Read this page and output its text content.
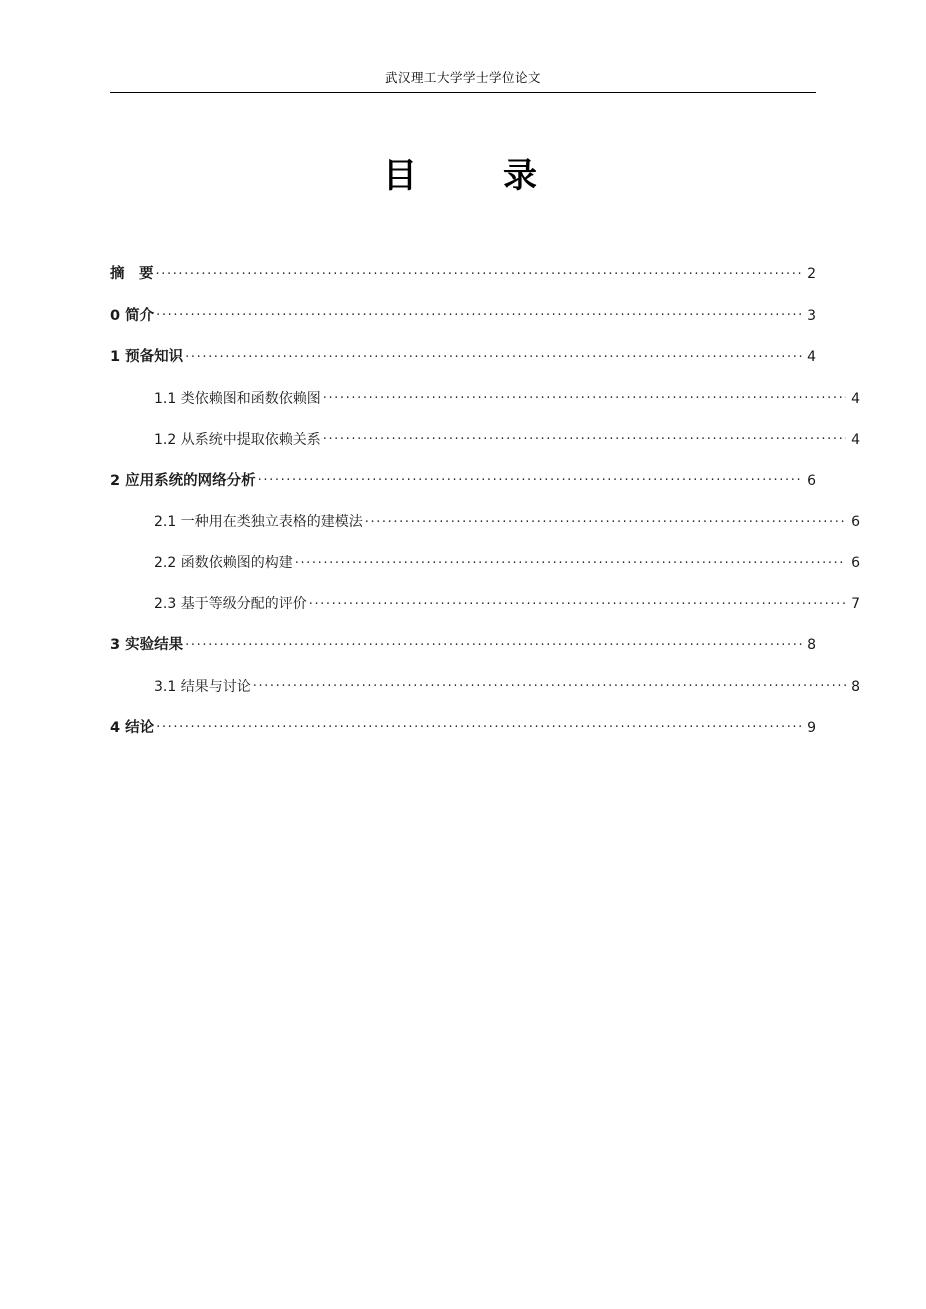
武汉理工大学学士学位论文
目　　录
摘　要 .....	2
0 简介 .....	3
1 预备知识 .....	4
1.1 类依赖图和函数依赖图 .....	4
1.2 从系统中提取依赖关系 .....	4
2 应用系统的网络分析 .....	6
2.1 一种用在类独立表格的建模法 .....	6
2.2 函数依赖图的构建 .....	6
2.3 基于等级分配的评价 .....	7
3 实验结果 .....	8
3.1 结果与讨论 .....	8
4 结论 .....	9
